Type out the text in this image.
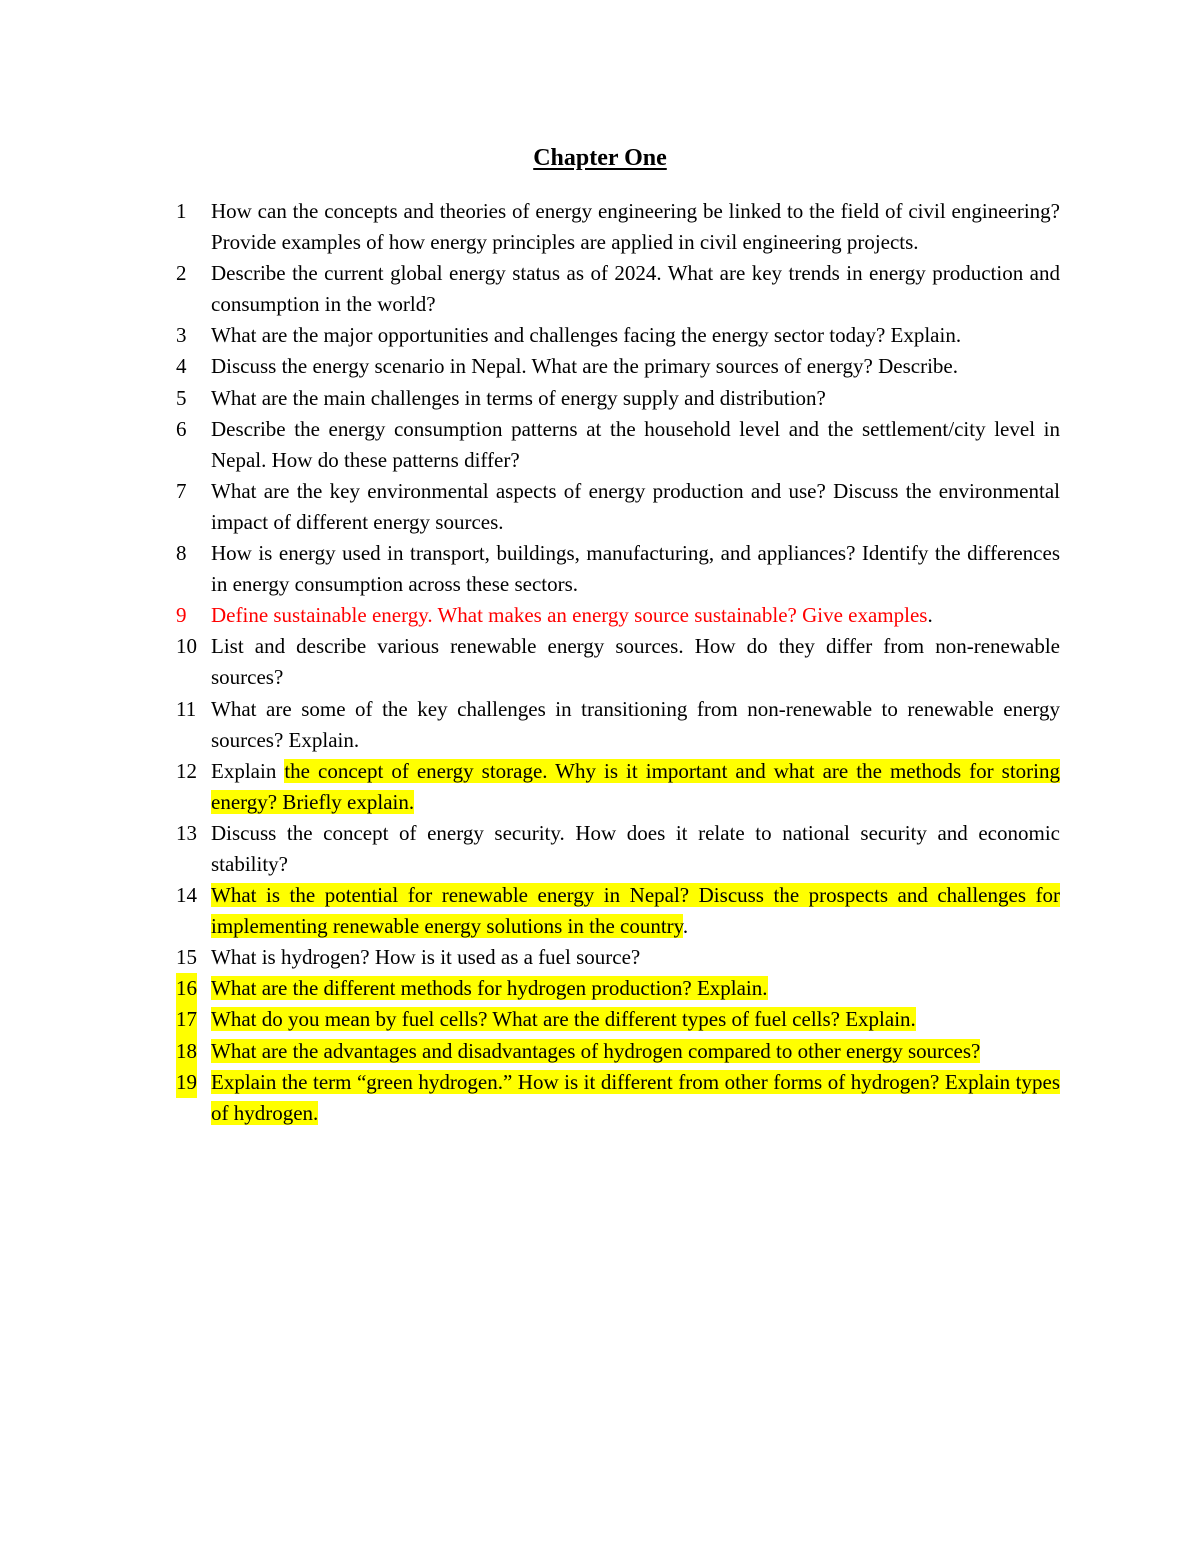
Chapter One
1 How can the concepts and theories of energy engineering be linked to the field of civil engineering? Provide examples of how energy principles are applied in civil engineering projects.
2 Describe the current global energy status as of 2024. What are key trends in energy production and consumption in the world?
3 What are the major opportunities and challenges facing the energy sector today? Explain.
4 Discuss the energy scenario in Nepal. What are the primary sources of energy? Describe.
5 What are the main challenges in terms of energy supply and distribution?
6 Describe the energy consumption patterns at the household level and the settlement/city level in Nepal. How do these patterns differ?
7 What are the key environmental aspects of energy production and use? Discuss the environmental impact of different energy sources.
8 How is energy used in transport, buildings, manufacturing, and appliances? Identify the differences in energy consumption across these sectors.
9 Define sustainable energy. What makes an energy source sustainable? Give examples.
10 List and describe various renewable energy sources. How do they differ from non-renewable sources?
11 What are some of the key challenges in transitioning from non-renewable to renewable energy sources? Explain.
12 Explain the concept of energy storage. Why is it important and what are the methods for storing energy? Briefly explain.
13 Discuss the concept of energy security. How does it relate to national security and economic stability?
14 What is the potential for renewable energy in Nepal? Discuss the prospects and challenges for implementing renewable energy solutions in the country.
15 What is hydrogen? How is it used as a fuel source?
16 What are the different methods for hydrogen production? Explain.
17 What do you mean by fuel cells? What are the different types of fuel cells? Explain.
18 What are the advantages and disadvantages of hydrogen compared to other energy sources?
19 Explain the term “green hydrogen.” How is it different from other forms of hydrogen? Explain types of hydrogen.
